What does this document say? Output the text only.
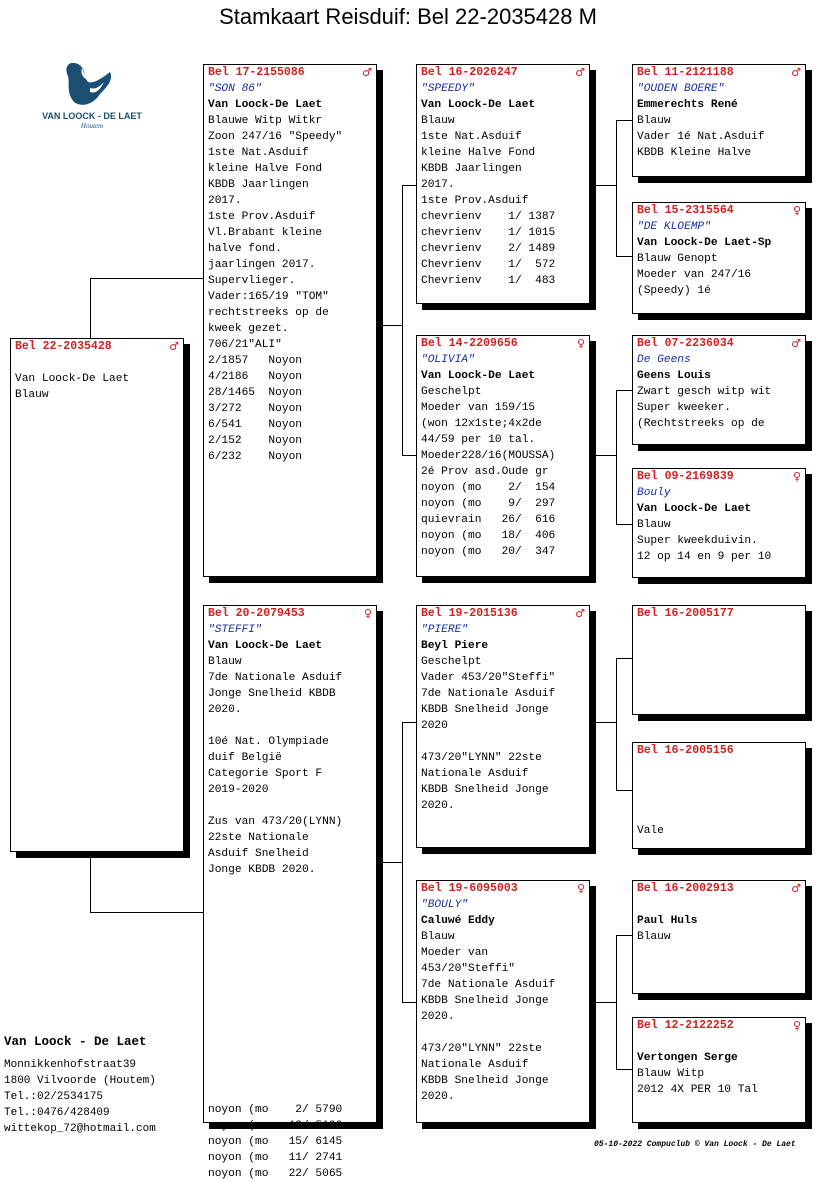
Stamkaart Reisduif: Bel 22-2035428 M
VAN LOOCK - DE LAET
Houtem
Bel 22-2035428	♂

Van Loock-De Laet
Blauw
Bel 17-2155086	♂
"SON 86"
Van Loock-De Laet
Blauwe Witp Witkr
Zoon 247/16 "Speedy"
1ste Nat.Asduif
kleine Halve Fond
KBDB Jaarlingen
2017.
1ste Prov.Asduif
Vl.Brabant kleine
halve fond.
jaarlingen 2017.
Supervlieger.
Vader:165/19 "TOM"
rechtstreeks op de
kweek gezet.
706/21"ALI"
2/1857   Noyon
4/2186   Noyon
28/1465  Noyon
3/272    Noyon
6/541    Noyon
2/152    Noyon
6/232    Noyon
Bel 20-2079453	♀
"STEFFI"
Van Loock-De Laet
Blauw
7de Nationale Asduif
Jonge Snelheid KBDB
2020.

10é Nat. Olympiade
duif België
Categorie Sport F
2019-2020

Zus van 473/20(LYNN)
22ste Nationale
Asduif Snelheid
Jonge KBDB 2020.

noyon (mo    2/ 5790
noyon (mo   12/ 5126
noyon (mo   15/ 6145
noyon (mo   11/ 2741
noyon (mo   22/ 5065
Bel 16-2026247	♂
"SPEEDY"
Van Loock-De Laet
Blauw
1ste Nat.Asduif
kleine Halve Fond
KBDB Jaarlingen
2017.
1ste Prov.Asduif
chevrienv    1/ 1387
chevrienv    1/ 1015
chevrienv    2/ 1489
Chevrienv    1/  572
Chevrienv    1/  483
Bel 14-2209656	♀
"OLIVIA"
Van Loock-De Laet
Geschelpt
Moeder van 159/15
(won 12x1ste;4x2de
44/59 per 10 tal.
Moeder228/16(MOUSSA)
2é Prov asd.Oude gr
noyon (mo    2/  154
noyon (mo    9/  297
quievrain   26/  616
noyon (mo   18/  406
noyon (mo   20/  347
Bel 19-2015136	♂
"PIERE"
Beyl Piere
Geschelpt
Vader 453/20"Steffi"
7de Nationale Asduif
KBDB Snelheid Jonge
2020

473/20"LYNN" 22ste
Nationale Asduif
KBDB Snelheid Jonge
2020.
Bel 19-6095003	♀
"BOULY"
Caluwé Eddy
Blauw
Moeder van
453/20"Steffi"
7de Nationale Asduif
KBDB Snelheid Jonge
2020.

473/20"LYNN" 22ste
Nationale Asduif
KBDB Snelheid Jonge
2020.
Bel 11-2121188	♂
"OUDEN BOERE"
Emmerechts René
Blauw
Vader 1é Nat.Asduif
KBDB Kleine Halve
Bel 15-2315564	♀
"DE KLOEMP"
Van Loock-De Laet-Sp
Blauw Genopt
Moeder van 247/16
(Speedy) 1é
Bel 07-2236034	♂
De Geens
Geens Louis
Zwart gesch witp wit
Super kweeker.
(Rechtstreeks op de
Bel 09-2169839	♀
Bouly
Van Loock-De Laet
Blauw
Super kweekduivin.
12 op 14 en 9 per 10
Bel 16-2005177

Bel 16-2005156

Vale
Bel 16-2002913	♂

Paul Huls
Blauw
Bel 12-2122252	♀

Vertongen Serge
Blauw Witp
2012 4X PER 10 Tal
Van Loock - De Laet
Monnikkenhofstraat39
1800 Vilvoorde (Houtem)
Tel.:02/2534175
Tel.:0476/428409
wittekop_72@hotmail.com
05-10-2022 Compuclub © Van Loock - De Laet
